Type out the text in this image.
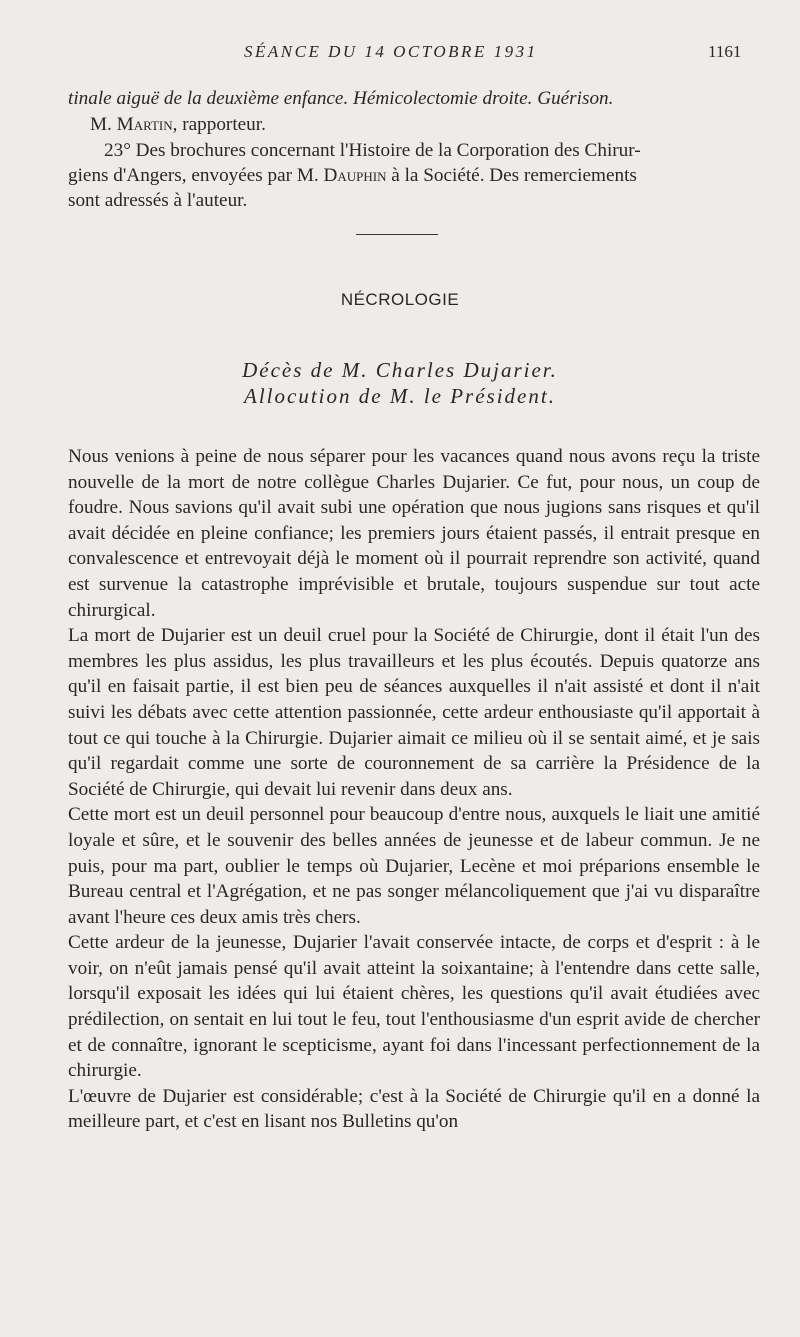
SÉANCE DU 14 OCTOBRE 1931	1161
tinale aiguë de la deuxième enfance. Hémicolectomie droite. Guérison.
M. Martin, rapporteur.
23° Des brochures concernant l'Histoire de la Corporation des Chirur-
giens d'Angers, envoyées par M. Dauphin à la Société. Des remerciements
sont adressés à l'auteur.
NÉCROLOGIE
Décès de M. Charles Dujarier.
Allocution de M. le Président.

Nous venions à peine de nous séparer pour les vacances quand nous avons reçu la triste nouvelle de la mort de notre collègue Charles Dujarier. Ce fut, pour nous, un coup de foudre. Nous savions qu'il avait subi une opération que nous jugions sans risques et qu'il avait décidée en pleine confiance; les premiers jours étaient passés, il entrait presque en convalescence et entrevoyait déjà le moment où il pourrait reprendre son activité, quand est survenue la catastrophe imprévisible et brutale, toujours suspendue sur tout acte chirurgical.

La mort de Dujarier est un deuil cruel pour la Société de Chirurgie, dont il était l'un des membres les plus assidus, les plus travailleurs et les plus écoutés. Depuis quatorze ans qu'il en faisait partie, il est bien peu de séances auxquelles il n'ait assisté et dont il n'ait suivi les débats avec cette attention passionnée, cette ardeur enthousiaste qu'il apportait à tout ce qui touche à la Chirurgie. Dujarier aimait ce milieu où il se sentait aimé, et je sais qu'il regardait comme une sorte de couronnement de sa carrière la Présidence de la Société de Chirurgie, qui devait lui revenir dans deux ans.

Cette mort est un deuil personnel pour beaucoup d'entre nous, auxquels le liait une amitié loyale et sûre, et le souvenir des belles années de jeunesse et de labeur commun. Je ne puis, pour ma part, oublier le temps où Dujarier, Lecène et moi préparions ensemble le Bureau central et l'Agrégation, et ne pas songer mélancoliquement que j'ai vu disparaître avant l'heure ces deux amis très chers.

Cette ardeur de la jeunesse, Dujarier l'avait conservée intacte, de corps et d'esprit : à le voir, on n'eût jamais pensé qu'il avait atteint la soixantaine; à l'entendre dans cette salle, lorsqu'il exposait les idées qui lui étaient chères, les questions qu'il avait étudiées avec prédilection, on sentait en lui tout le feu, tout l'enthousiasme d'un esprit avide de chercher et de connaître, ignorant le scepticisme, ayant foi dans l'incessant perfectionnement de la chirurgie.

L'œuvre de Dujarier est considérable; c'est à la Société de Chirurgie qu'il en a donné la meilleure part, et c'est en lisant nos Bulletins qu'on
